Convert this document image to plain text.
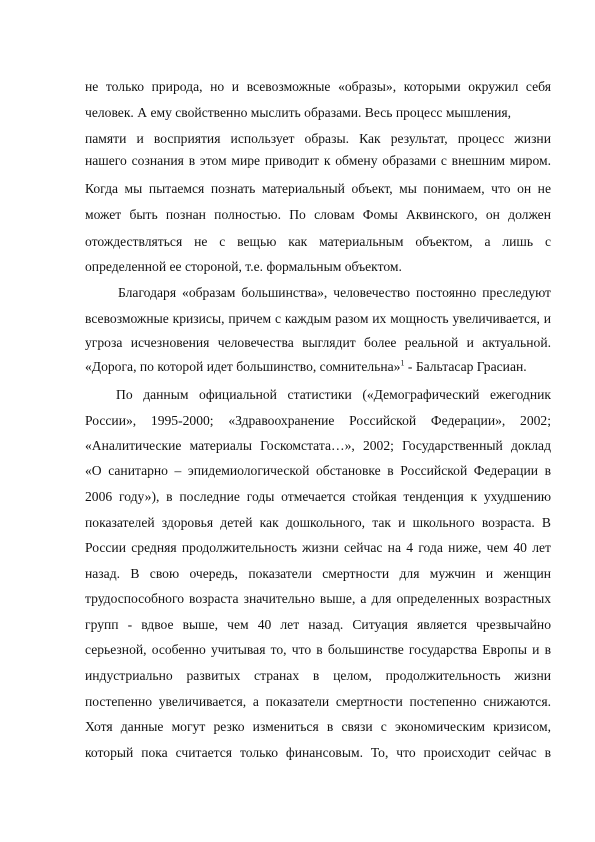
не только природа, но и всевозможные «образы», которыми окружил себя
человек. А ему свойственно мыслить образами. Весь процесс мышления,
памяти и восприятия использует образы. Как результат, процесс жизни
нашего сознания в этом мире приводит к обмену образами с внешним миром.
Когда мы пытаемся познать материальный объект, мы понимаем, что он не
может быть познан полностью. По словам Фомы Аквинского, он должен
отождествляться не с вещью как материальным объектом, а лишь с
определенной ее стороной, т.е. формальным объектом.
Благодаря «образам большинства», человечество постоянно преследуют
всевозможные кризисы, причем с каждым разом их мощность увеличивается, и
угроза исчезновения человечества выглядит более реальной и актуальной.
«Дорога, по которой идет большинство, сомнительна»$^1$ - Бальтасар Грасиан.
По данным официальной статистики («Демографический ежегодник
России», 1995-2000; «Здравоохранение Российской Федерации», 2002;
«Аналитические материалы Госкомстата…», 2002; Государственный доклад
«О санитарно – эпидемиологической обстановке в Российской Федерации в
2006 году»), в последние годы отмечается стойкая тенденция к ухудшению
показателей здоровья детей как дошкольного, так и школьного возраста. В
России средняя продолжительность жизни сейчас на 4 года ниже, чем 40 лет
назад. В свою очередь, показатели смертности для мужчин и женщин
трудоспособного возраста значительно выше, а для определенных возрастных
групп - вдвое выше, чем 40 лет назад. Ситуация является чрезвычайно
серьезной, особенно учитывая то, что в большинстве государства Европы и в
индустриально развитых странах в целом, продолжительность жизни
постепенно увеличивается, а показатели смертности постепенно снижаются.
Хотя данные могут резко измениться в связи с экономическим кризисом,
который пока считается только финансовым. То, что происходит сейчас в
